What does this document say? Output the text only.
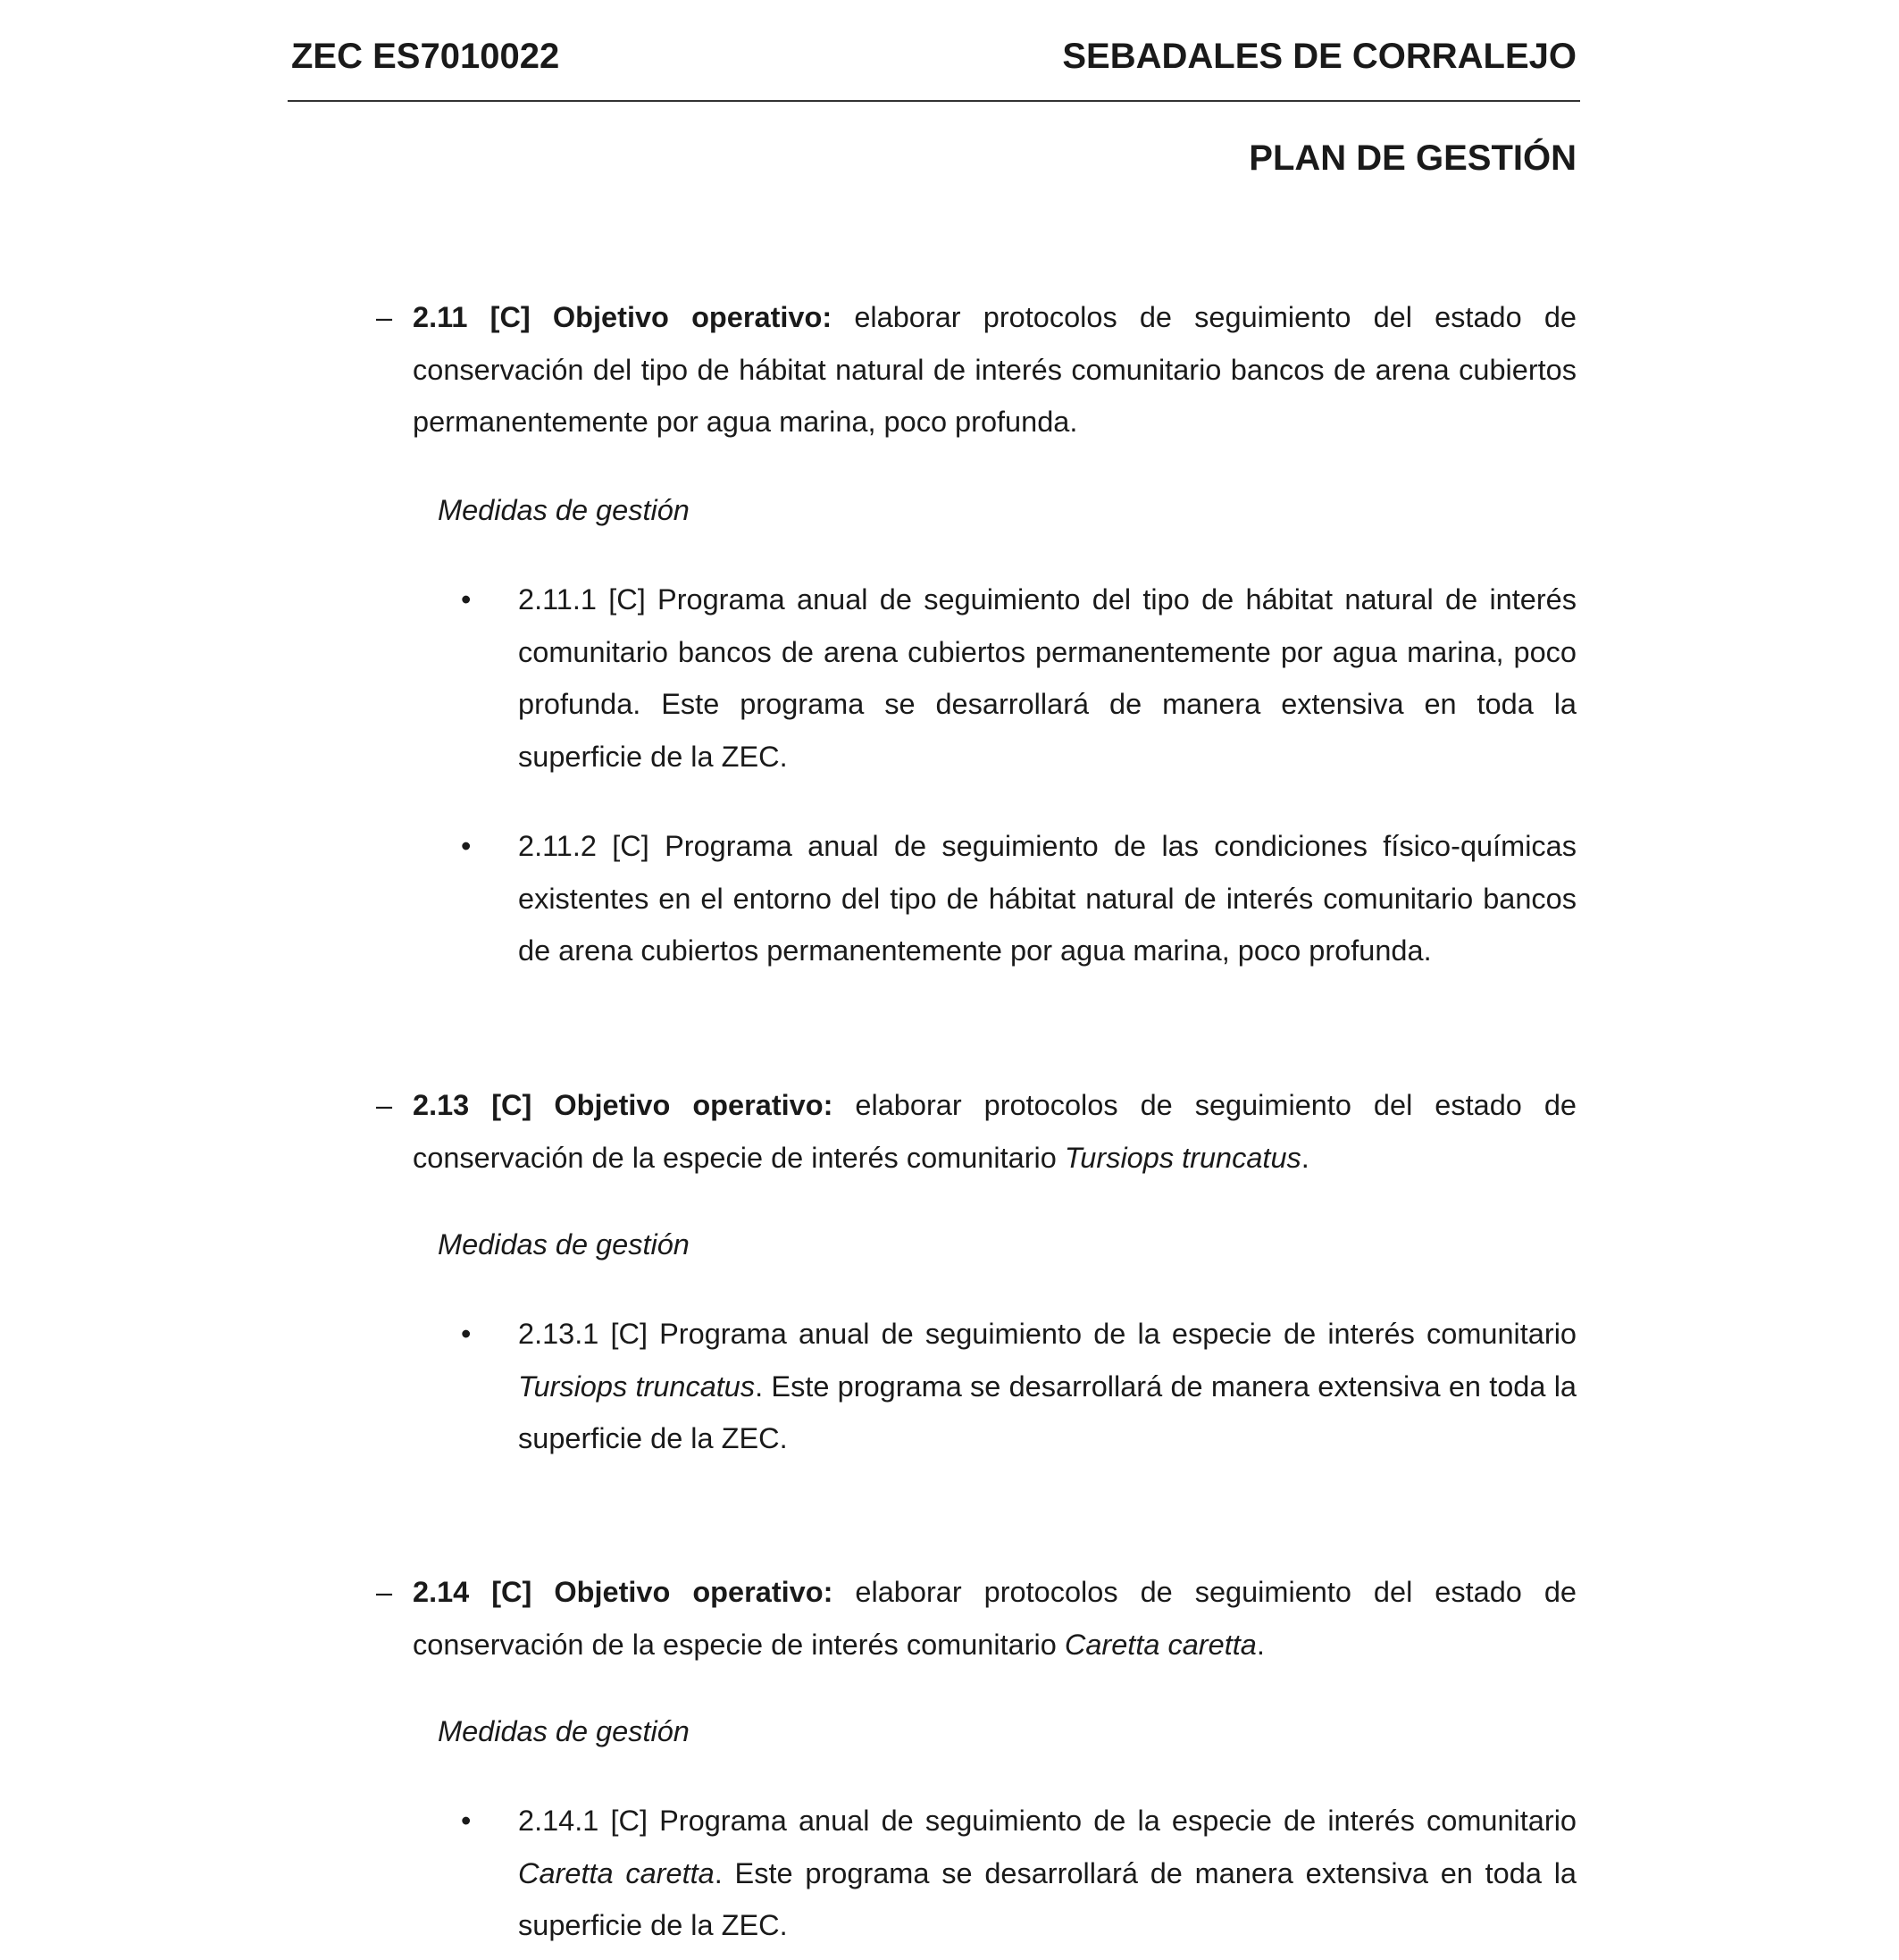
ZEC ES7010022	SEBADALES DE CORRALEJO
PLAN DE GESTIÓN
– 2.11 [C] Objetivo operativo: elaborar protocolos de seguimiento del estado de conservación del tipo de hábitat natural de interés comunitario bancos de arena cubiertos permanentemente por agua marina, poco profunda.

Medidas de gestión
• 2.11.1 [C] Programa anual de seguimiento del tipo de hábitat natural de interés comunitario bancos de arena cubiertos permanentemente por agua marina, poco profunda. Este programa se desarrollará de manera extensiva en toda la superficie de la ZEC.

• 2.11.2 [C] Programa anual de seguimiento de las condiciones físico-químicas existentes en el entorno del tipo de hábitat natural de interés comunitario bancos de arena cubiertos permanentemente por agua marina, poco profunda.

– 2.13 [C] Objetivo operativo: elaborar protocolos de seguimiento del estado de conservación de la especie de interés comunitario Tursiops truncatus.

Medidas de gestión
• 2.13.1 [C] Programa anual de seguimiento de la especie de interés comunitario Tursiops truncatus. Este programa se desarrollará de manera extensiva en toda la superficie de la ZEC.

– 2.14 [C] Objetivo operativo: elaborar protocolos de seguimiento del estado de conservación de la especie de interés comunitario Caretta caretta.

Medidas de gestión
• 2.14.1 [C] Programa anual de seguimiento de la especie de interés comunitario Caretta caretta. Este programa se desarrollará de manera extensiva en toda la superficie de la ZEC.
